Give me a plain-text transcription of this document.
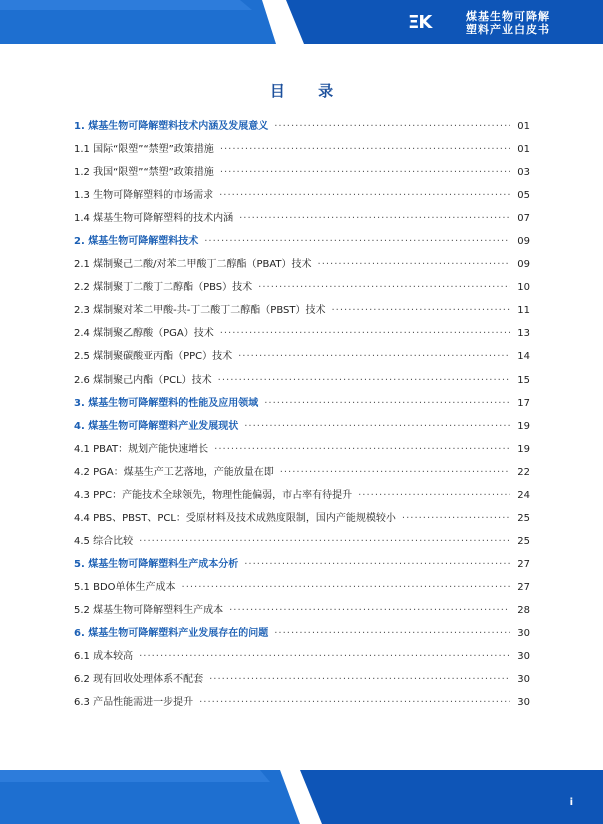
ΞK	煤基生物可降解
塑料产业白皮书
目 录
1. 煤基生物可降解塑料技术内涵及发展意义 ·····	01
1.1 国际“限塑”“禁塑”政策措施 ·····	01
1.2 我国“限塑”“禁塑”政策措施 ·····	03
1.3 生物可降解塑料的市场需求 ·····	05
1.4 煤基生物可降解塑料的技术内涵 ·····	07
2. 煤基生物可降解塑料技术 ·····	09
2.1 煤制聚己二酸/对苯二甲酸丁二醇酯（PBAT）技术 ·····	09
2.2 煤制聚丁二酸丁二醇酯（PBS）技术 ·····	10
2.3 煤制聚对苯二甲酸-共-丁二酸丁二醇酯（PBST）技术 ·····	11
2.4 煤制聚乙醇酸（PGA）技术 ·····	13
2.5 煤制聚碳酸亚丙酯（PPC）技术 ·····	14
2.6 煤制聚己内酯（PCL）技术 ·····	15
3. 煤基生物可降解塑料的性能及应用领域 ·····	17
4. 煤基生物可降解塑料产业发展现状 ·····	19
4.1 PBAT：规划产能快速增长 ·····	19
4.2 PGA：煤基生产工艺落地，产能放量在即 ·····	22
4.3 PPC：产能技术全球领先，物理性能偏弱，市占率有待提升 ·····	24
4.4 PBS、PBST、PCL：受原材料及技术成熟度限制，国内产能规模较小 ·····	25
4.5 综合比较 ·····	25
5. 煤基生物可降解塑料生产成本分析 ·····	27
5.1 BDO单体生产成本 ·····	27
5.2 煤基生物可降解塑料生产成本 ·····	28
6. 煤基生物可降解塑料产业发展存在的问题 ·····	30
6.1 成本较高 ·····	30
6.2 现有回收处理体系不配套 ·····	30
6.3 产品性能需进一步提升 ·····	30
i
